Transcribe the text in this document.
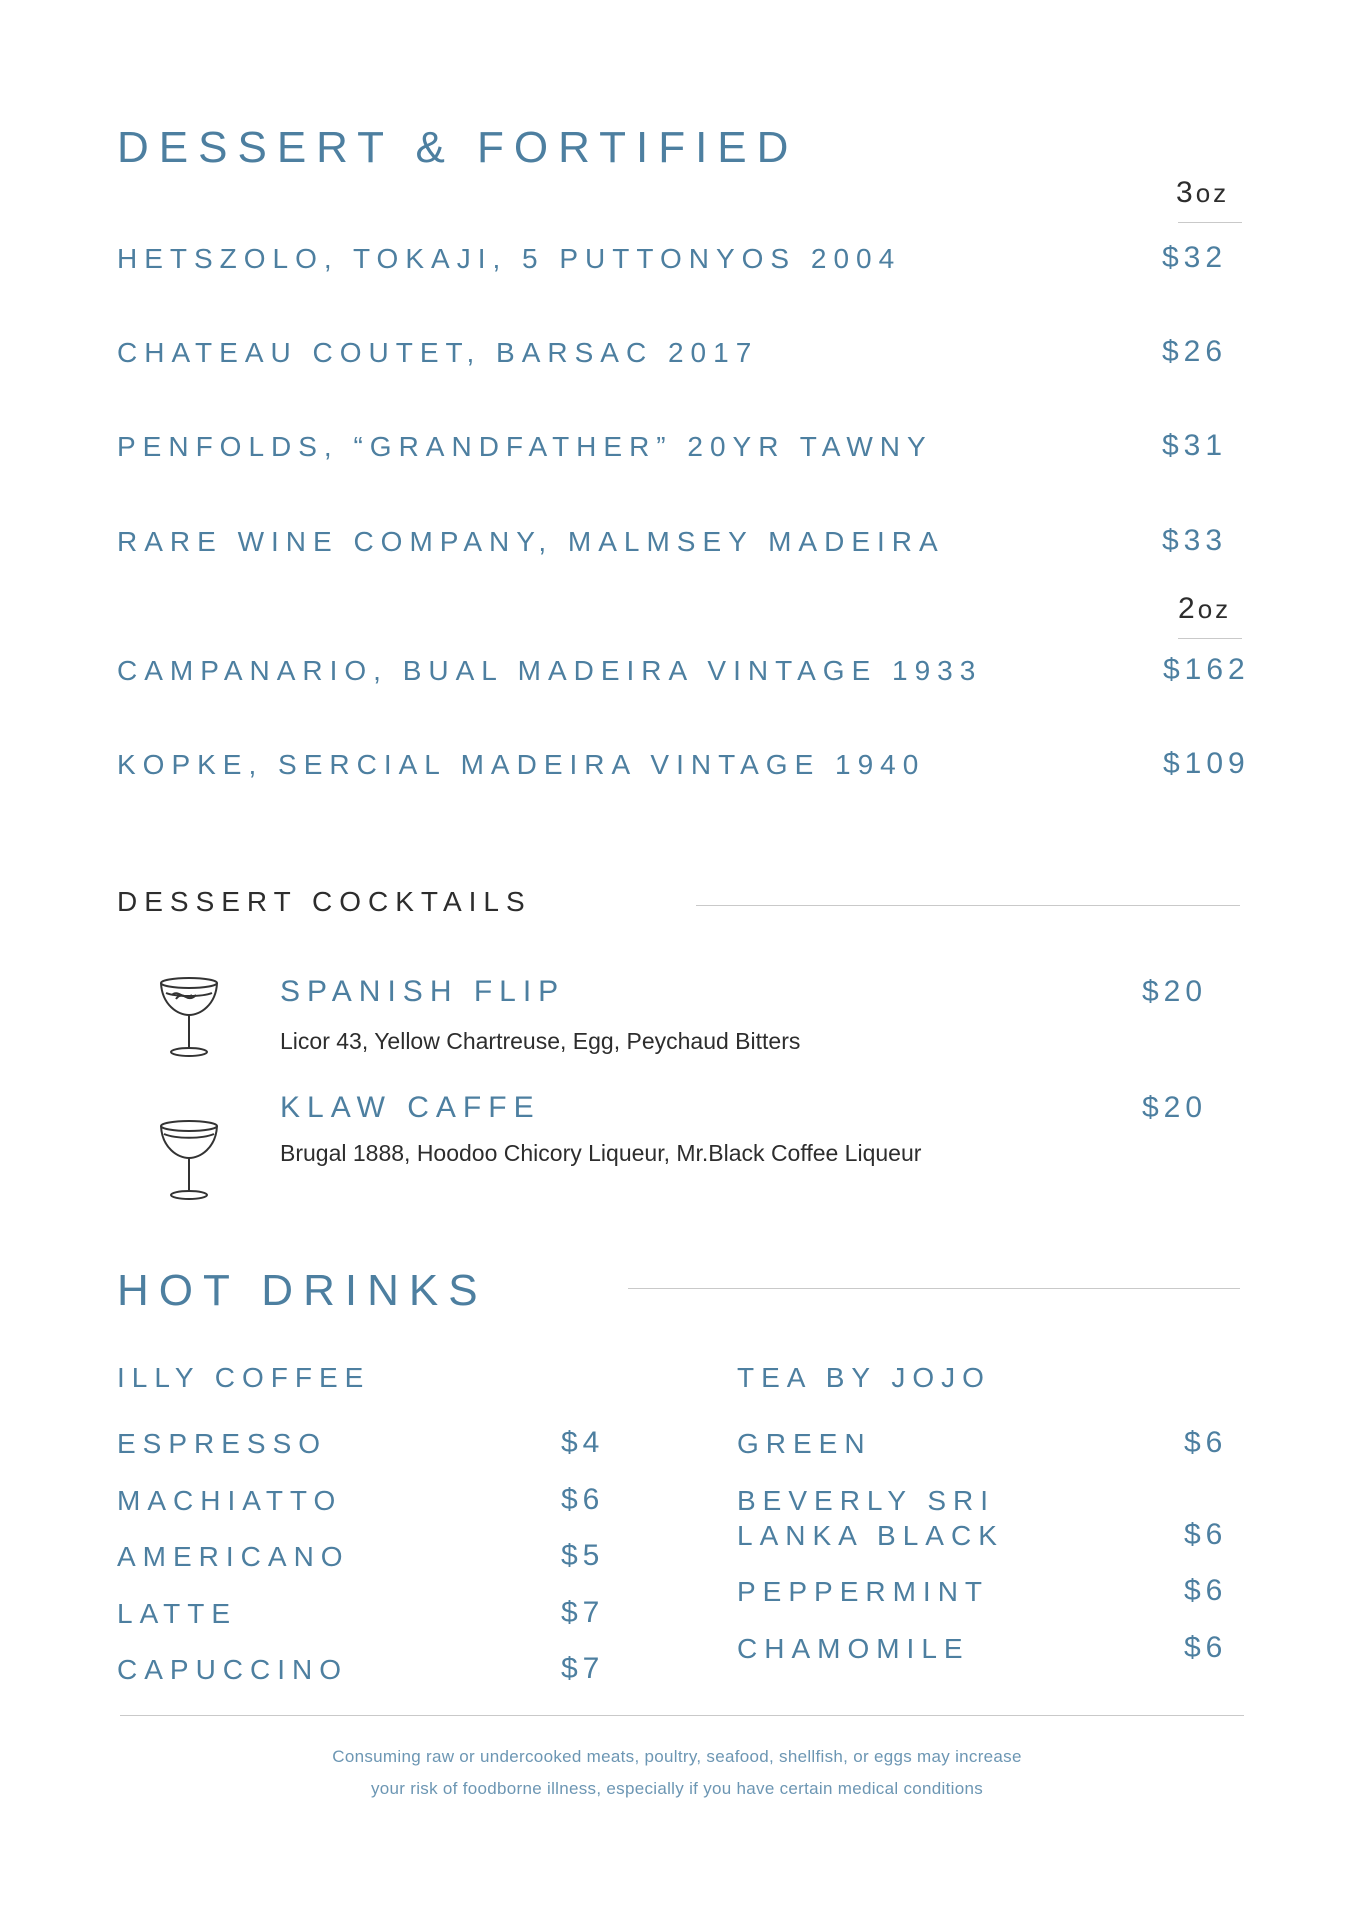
DESSERT & FORTIFIED
3oz
HETSZOLO, TOKAJI, 5 PUTTONYOS 2004	$32
CHATEAU COUTET, BARSAC 2017	$26
PENFOLDS, “GRANDFATHER” 20YR TAWNY	$31
RARE WINE COMPANY, MALMSEY MADEIRA	$33
2oz
CAMPANARIO, BUAL MADEIRA VINTAGE 1933	$162
KOPKE, SERCIAL MADEIRA VINTAGE 1940	$109
DESSERT COCKTAILS
SPANISH FLIP	$20
Licor 43, Yellow Chartreuse, Egg, Peychaud Bitters
KLAW CAFFE	$20
Brugal 1888, Hoodoo Chicory Liqueur, Mr.Black Coffee Liqueur
HOT DRINKS
ILLY COFFEE	TEA BY JOJO
ESPRESSO	$4
MACHIATTO	$6
AMERICANO	$5
LATTE	$7
CAPUCCINO	$7
GREEN	$6
BEVERLY SRI
LANKA BLACK	$6
PEPPERMINT	$6
CHAMOMILE	$6
Consuming raw or undercooked meats, poultry, seafood, shellfish, or eggs may increase
your risk of foodborne illness, especially if you have certain medical conditions
